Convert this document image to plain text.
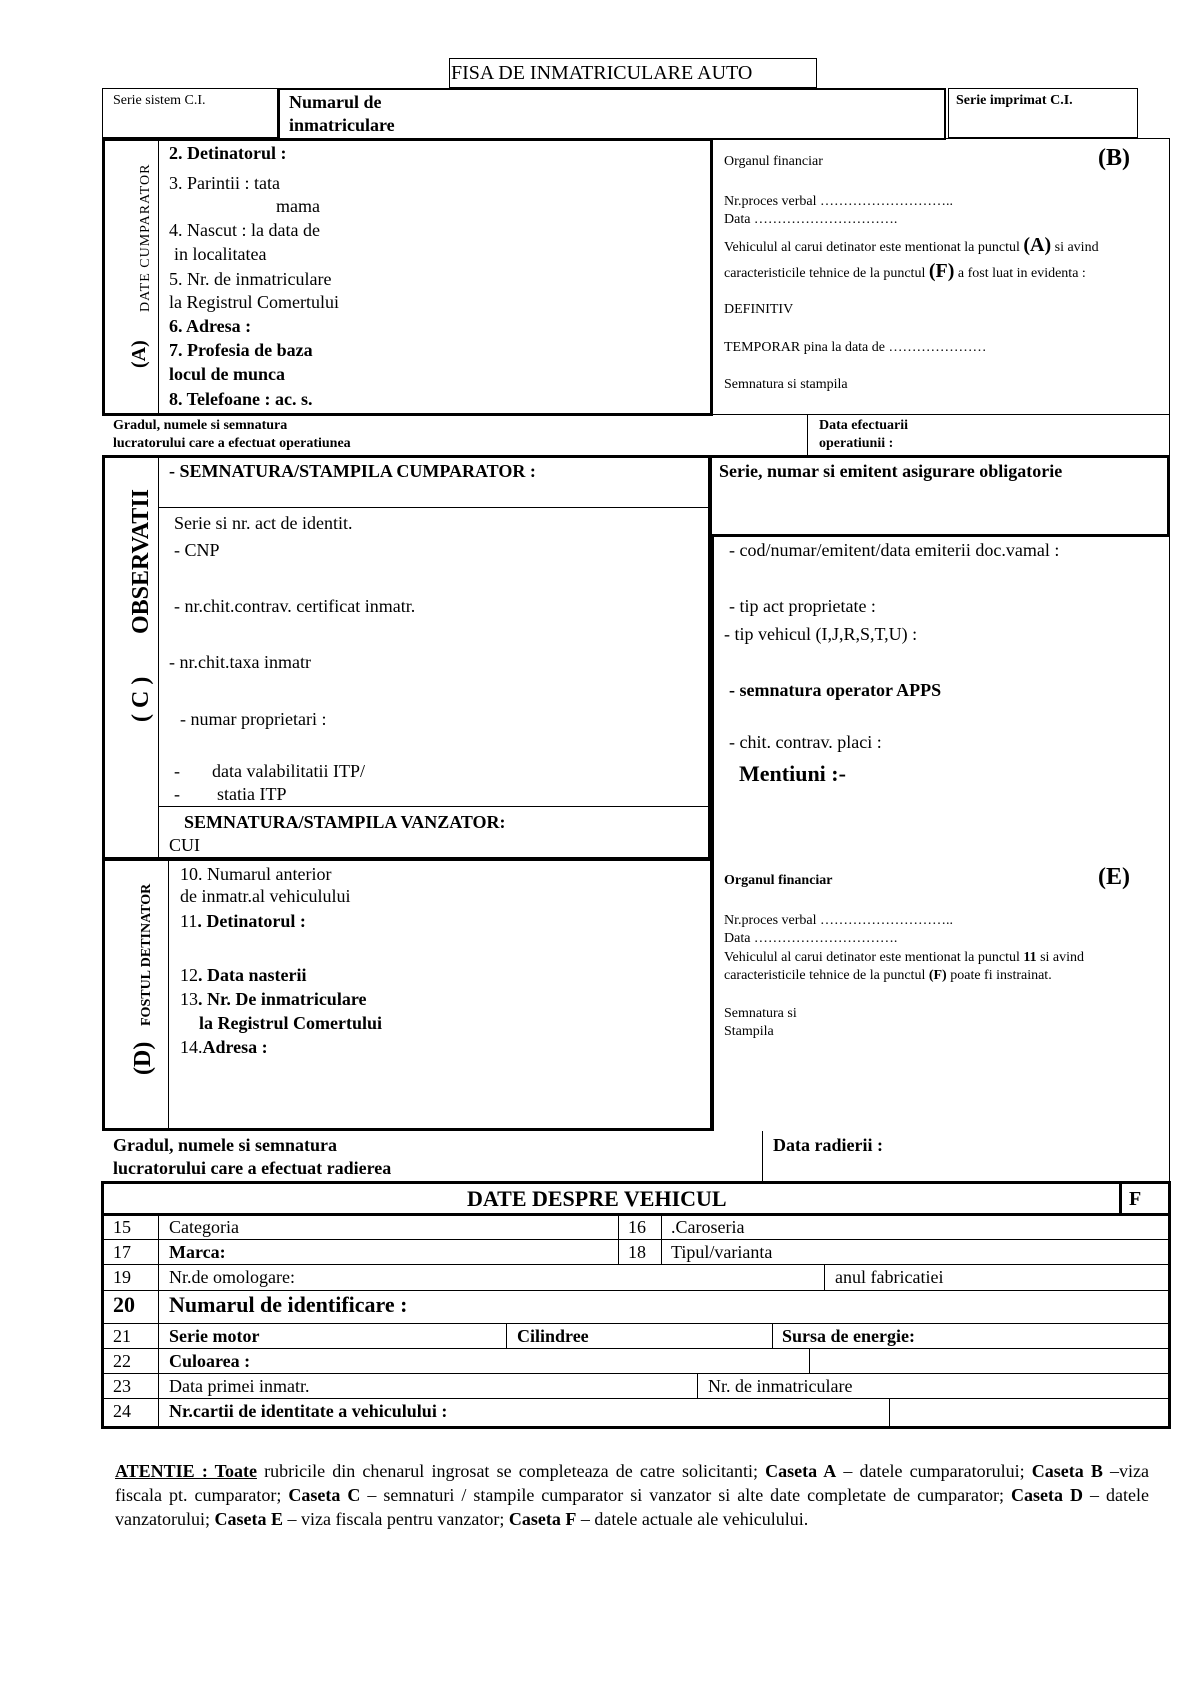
FISA DE INMATRICULARE AUTO
Serie sistem C.I.	Numarul de
inmatriculare
Serie imprimat C.I.
(A)
DATE CUMPARATOR
2. Detinatorul :
3. Parintii : tata
mama
4. Nascut : la data de
in localitatea
5. Nr. de inmatriculare
la Registrul Comertului
6. Adresa :
7. Profesia de baza
locul de munca
8. Telefoane : ac. s.
Organul financiar	(B)
Nr.proces verbal ………………………..
Data ………………………….
Vehiculul al carui detinator este mentionat la punctul (A) si avind
caracteristicile tehnice de la punctul (F) a fost luat in evidenta :
DEFINITIV
TEMPORAR pina la data de …………………
Semnatura si stampila
Gradul, numele si semnatura
lucratorului care a efectuat operatiunea
Data efectuarii
operatiunii :
( C )
OBSERVATII
- SEMNATURA/STAMPILA CUMPARATOR :	Serie, numar si emitent asigurare obligatorie
Serie si nr. act de identit.
- CNP
- nr.chit.contrav. certificat inmatr.
- nr.chit.taxa inmatr
- numar proprietari :
- data valabilitatii ITP/
- statia ITP
SEMNATURA/STAMPILA VANZATOR:
CUI
- cod/numar/emitent/data emiterii doc.vamal :
- tip act proprietate :
- tip vehicul (I,J,R,S,T,U) :
- semnatura operator APPS
- chit. contrav. placi :
Mentiuni :-
(D)
FOSTUL DETINATOR
10. Numarul anterior
de inmatr.al vehiculului
11. Detinatorul :
12. Data nasterii
13. Nr. De inmatriculare
la Registrul Comertului
14.Adresa :
Organul financiar	(E)
Nr.proces verbal ………………………..
Data ………………………….
Vehiculul al carui detinator este mentionat la punctul 11 si avind
caracteristicile tehnice de la punctul (F) poate fi instrainat.
Semnatura si
Stampila
Gradul, numele si semnatura
lucratorului care a efectuat radierea
Data radierii :
DATE DESPRE VEHICUL	F
15 Categoria	16 .Caroseria
17 Marca:	18 Tipul/varianta
19 Nr.de omologare:	anul fabricatiei
20 Numarul de identificare :
21 Serie motor	Cilindree	Sursa de energie:
22 Culoarea :
23 Data primei inmatr.	Nr. de inmatriculare
24 Nr.cartii de identitate a vehiculului :
ATENTIE : Toate rubricile din chenarul ingrosat se completeaza de catre solicitanti; Caseta A – datele cumparatorului; Caseta B –viza fiscala pt. cumparator; Caseta C – semnaturi / stampile cumparator si vanzator si alte date completate de cumparator; Caseta D – datele vanzatorului; Caseta E – viza fiscala pentru vanzator; Caseta F – datele actuale ale vehiculului.
